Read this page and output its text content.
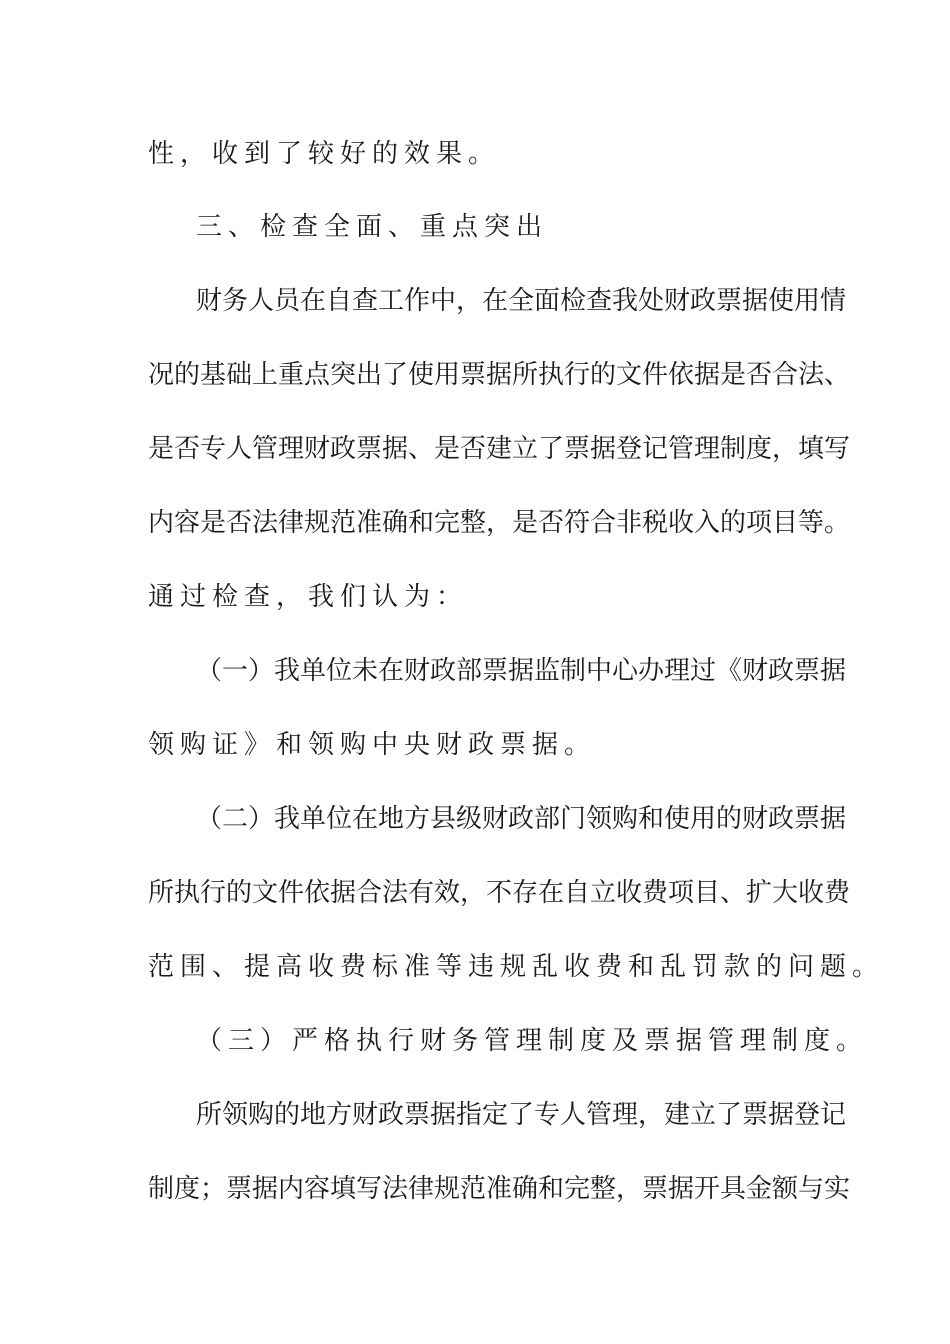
性，收到了较好的效果。
三、检查全面、重点突出
财务人员在自查工作中，在全面检查我处财政票据使用情
况的基础上重点突出了使用票据所执行的文件依据是否合法、
是否专人管理财政票据、是否建立了票据登记管理制度，填写
内容是否法律规范准确和完整，是否符合非税收入的项目等。
通过检查，我们认为：
（一）我单位未在财政部票据监制中心办理过《财政票据
领购证》和领购中央财政票据。
（二）我单位在地方县级财政部门领购和使用的财政票据
所执行的文件依据合法有效，不存在自立收费项目、扩大收费
范围、提高收费标准等违规乱收费和乱罚款的问题。
（三）严格执行财务管理制度及票据管理制度。
所领购的地方财政票据指定了专人管理，建立了票据登记
制度；票据内容填写法律规范准确和完整，票据开具金额与实
